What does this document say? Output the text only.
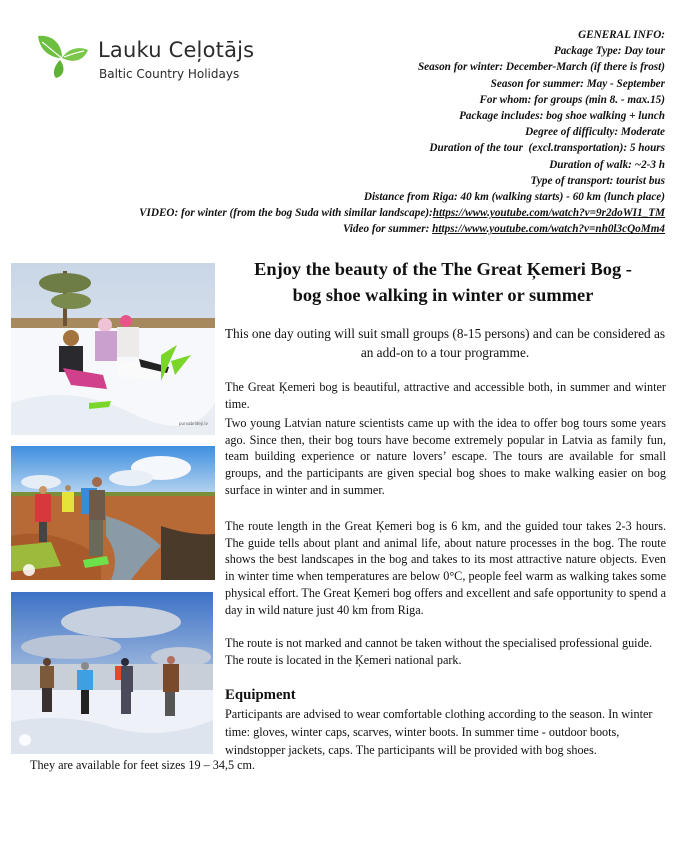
Lauku Ceļotājs
Baltic Country Holidays
GENERAL INFO:
Package Type: Day tour
Season for winter: December-March (if there is frost)
Season for summer: May - September
For whom: for groups (min 8. - max.15)
Package includes: bog shoe walking + lunch
Degree of difficulty: Moderate
Duration of the tour  (excl.transportation): 5 hours
Duration of walk: ~2-3 h
Type of transport: tourist bus
Distance from Riga: 40 km (walking starts) - 60 km (lunch place)
VIDEO: for winter (from the bog Suda with similar landscape):https://www.youtube.com/watch?v=9r2doWI1_TM
Video for summer: https://www.youtube.com/watch?v=nh0l3cQoMm4
purvabrideji.lv
Enjoy the beauty of the The Great Ķemeri Bog -
bog shoe walking in winter or summer
This one day outing will suit small groups (8-15 persons) and can be considered as an add-on to a tour programme.
The Great Ķemeri bog is beautiful, attractive and accessible both, in summer and winter time.
Two young Latvian nature scientists came up with the idea to offer bog tours some years ago. Since then, their bog tours have become extremely popular in Latvia as family fun, team building experience or nature lovers’ escape. The tours are available for small groups, and the participants are given special bog shoes to make walking easier on bog surface in winter and in summer.
The route length in the Great Ķemeri bog is 6 km, and the guided tour takes 2-3 hours. The guide tells about plant and animal life, about nature processes in the bog. The route shows the best landscapes in the bog and takes to its most attractive nature objects. Even in winter time when temperatures are below 0°C, people feel warm as walking takes some physical effort. The Great Ķemeri bog offers and excellent and safe opportunity to spend a day in wild nature just 40 km from Riga.
The route is not marked and cannot be taken without the specialised professional guide.
The route is located in the Ķemeri national park.
Equipment
Participants are advised to wear comfortable clothing according to the season. In winter time: gloves, winter caps, scarves, winter boots. In summer time - outdoor boots, windstopper jackets, caps. The participants will be provided with bog shoes.
They are available for feet sizes 19 – 34,5 cm.
